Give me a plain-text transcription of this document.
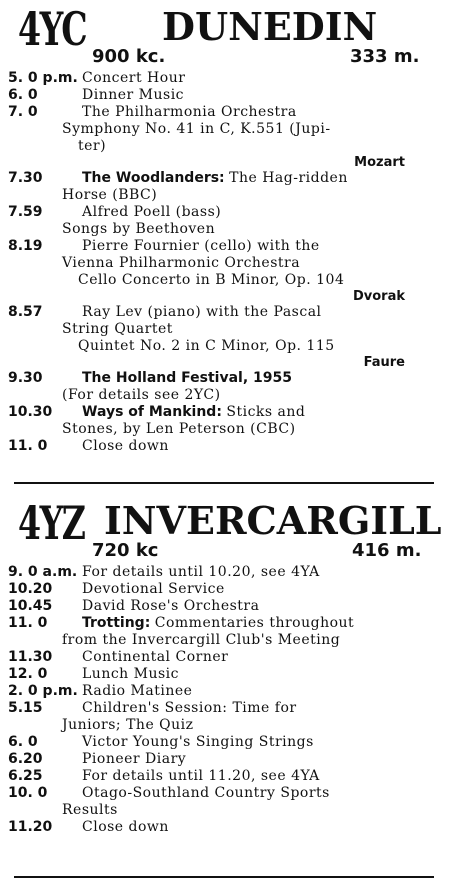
4YC
900 kc.
DUNEDIN
333 m.
5. 0 p.m. Concert Hour
6. 0	Dinner Music
7. 0	The Philharmonia Orchestra
Symphony No. 41 in C, K.551 (Jupi-
ter)
Mozart
7.30	The Woodlanders: The Hag-ridden
Horse (BBC)
7.59	Alfred Poell (bass)
Songs by Beethoven
8.19	Pierre Fournier (cello) with the
Vienna Philharmonic Orchestra
Cello Concerto in B Minor, Op. 104
Dvorak
8.57	Ray Lev (piano) with the Pascal
String Quartet
Quintet No. 2 in C Minor, Op. 115
Faure
9.30	The Holland Festival, 1955
(For details see 2YC)
10.30 Ways of Mankind: Sticks and
Stones, by Len Peterson (CBC)
11. 0 Close down
4YZ
720 kc
INVERCARGILL
416 m.
9. 0 a.m. For details until 10.20, see 4YA
10.20 Devotional Service
10.45 David Rose's Orchestra
11. 0 Trotting: Commentaries throughout
from the Invercargill Club's Meeting
11.30 Continental Corner
12. 0 Lunch Music
2. 0 p.m. Radio Matinee
5.15	Children's Session: Time for
Juniors; The Quiz
6. 0	Victor Young's Singing Strings
6.20	Pioneer Diary
6.25	For details until 11.20, see 4YA
10. 0 Otago-Southland Country Sports
Results
11.20 Close down
